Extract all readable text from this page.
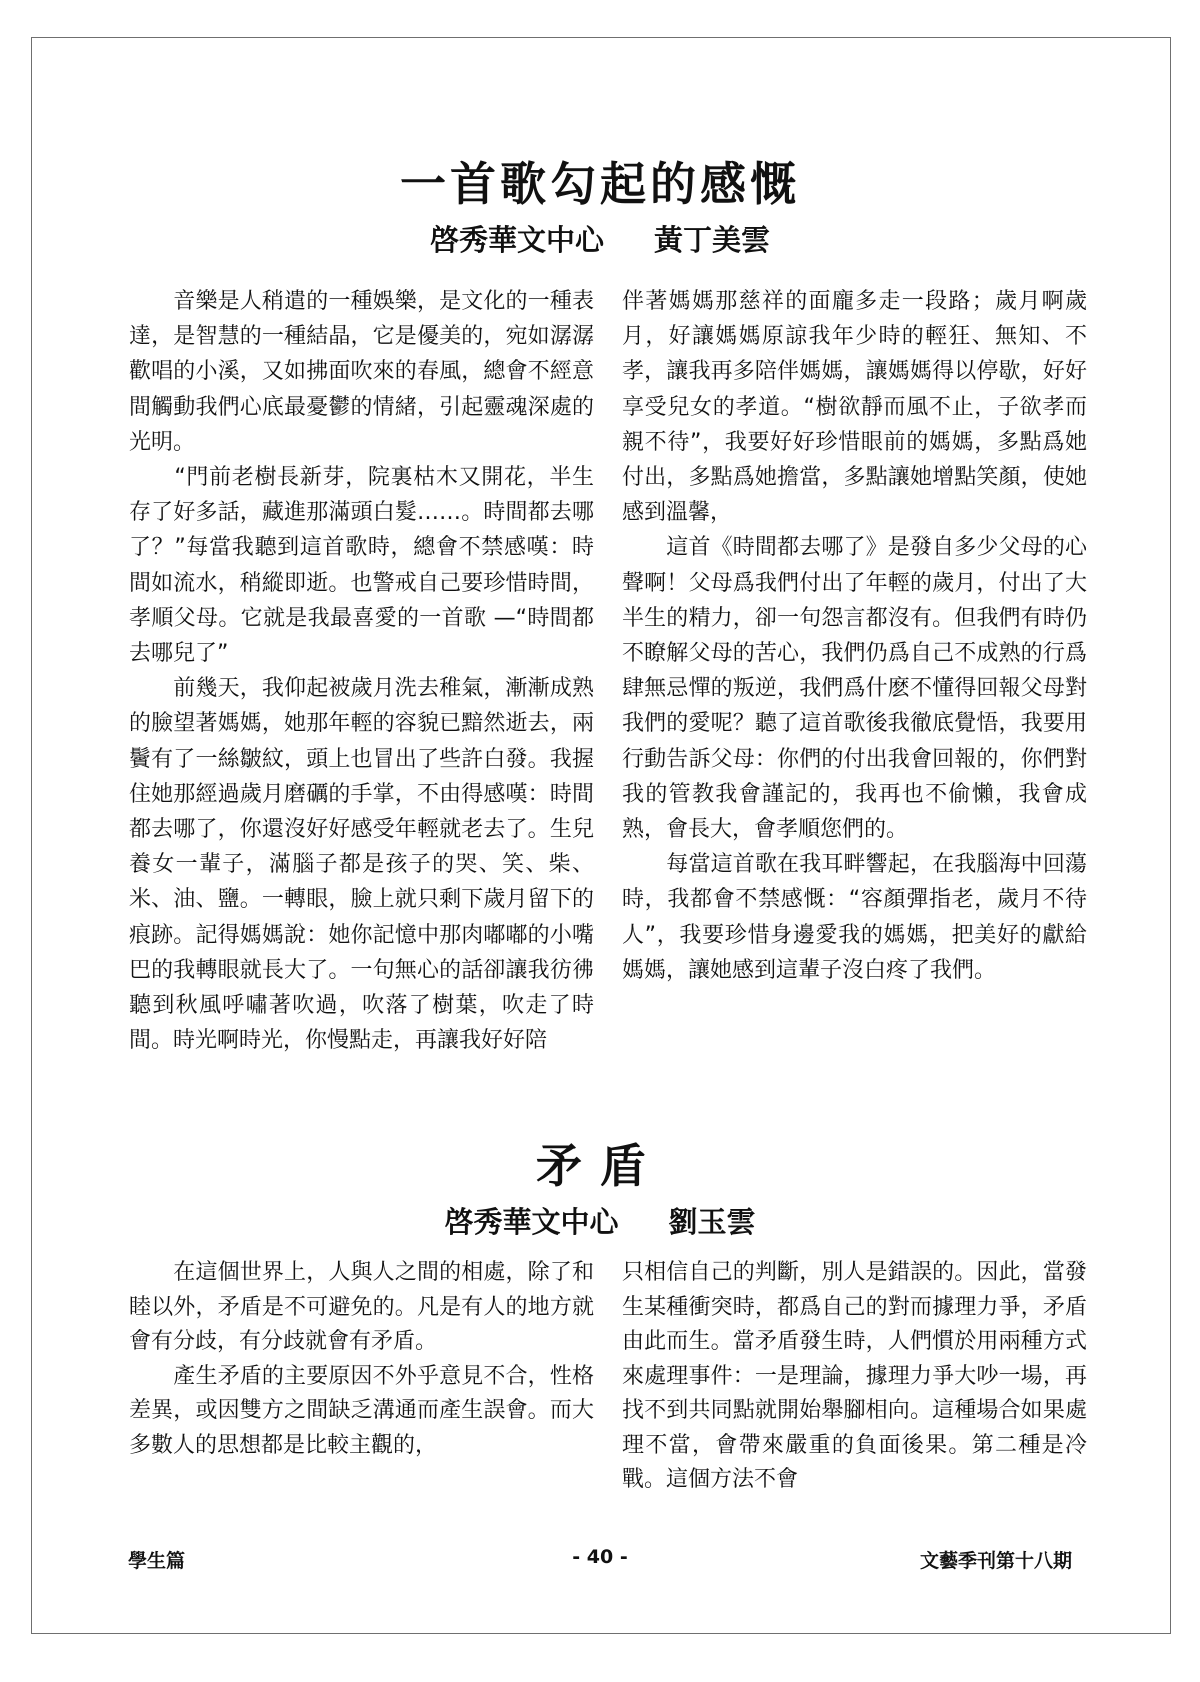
一首歌勾起的感慨
啓秀華文中心 黃丁美雲

　　音樂是人稍遣的一種娛樂，是文化的一種表達，是智慧的一種結晶，它是優美的，宛如潺潺歡唱的小溪，又如拂面吹來的春風，總會不經意間觸動我們心底最憂鬱的情緒，引起靈魂深處的光明。

　　“門前老樹長新芽，院裏枯木又開花，半生存了好多話，藏進那滿頭白髮……。時間都去哪了？”每當我聽到這首歌時，總會不禁感嘆：時間如流水，稍縱即逝。也警戒自己要珍惜時間，孝順父母。它就是我最喜愛的一首歌 —“時間都去哪兒了”

　　前幾天，我仰起被歲月洗去稚氣，漸漸成熟的臉望著媽媽，她那年輕的容貌已黯然逝去，兩鬢有了一絲皺紋，頭上也冒出了些許白發。我握住她那經過歲月磨礪的手掌，不由得感嘆：時間都去哪了，你還沒好好感受年輕就老去了。生兒養女一輩子，滿腦子都是孩子的哭、笑、柴、米、油、鹽。一轉眼，臉上就只剩下歲月留下的痕跡。記得媽媽說：她你記憶中那肉嘟嘟的小嘴巴的我轉眼就長大了。一句無心的話卻讓我彷彿聽到秋風呼嘯著吹過，吹落了樹葉，吹走了時間。時光啊時光，你慢點走，再讓我好好陪

伴著媽媽那慈祥的面龐多走一段路；歲月啊歲月，好讓媽媽原諒我年少時的輕狂、無知、不孝，讓我再多陪伴媽媽，讓媽媽得以停歇，好好享受兒女的孝道。“樹欲靜而風不止，子欲孝而親不待”，我要好好珍惜眼前的媽媽，多點爲她付出，多點爲她擔當，多點讓她增點笑顏，使她感到溫馨，

　　這首《時間都去哪了》是發自多少父母的心聲啊！父母爲我們付出了年輕的歲月，付出了大半生的精力，卻一句怨言都沒有。但我們有時仍不瞭解父母的苦心，我們仍爲自己不成熟的行爲肆無忌憚的叛逆，我們爲什麽不懂得回報父母對我們的愛呢？聽了這首歌後我徹底覺悟，我要用行動告訴父母：你們的付出我會回報的，你們對我的管教我會謹記的，我再也不偷懶，我會成熟，會長大，會孝順您們的。

　　每當這首歌在我耳畔響起，在我腦海中回蕩時，我都會不禁感慨：“容顏彈指老，歲月不待人”，我要珍惜身邊愛我的媽媽，把美好的獻給媽媽，讓她感到這輩子沒白疼了我們。

矛盾
啓秀華文中心 劉玉雲

　　在這個世界上，人與人之間的相處，除了和睦以外，矛盾是不可避免的。凡是有人的地方就會有分歧，有分歧就會有矛盾。

　　產生矛盾的主要原因不外乎意見不合，性格差異，或因雙方之間缺乏溝通而產生誤會。而大多數人的思想都是比較主觀的，

只相信自己的判斷，別人是錯誤的。因此，當發生某種衝突時，都爲自己的對而據理力爭，矛盾由此而生。當矛盾發生時，人們慣於用兩種方式來處理事件：一是理論，據理力爭大吵一場，再找不到共同點就開始舉腳相向。這種場合如果處理不當，會帶來嚴重的負面後果。第二種是冷戰。這個方法不會

學生篇	- 40 -	文藝季刊第十八期
